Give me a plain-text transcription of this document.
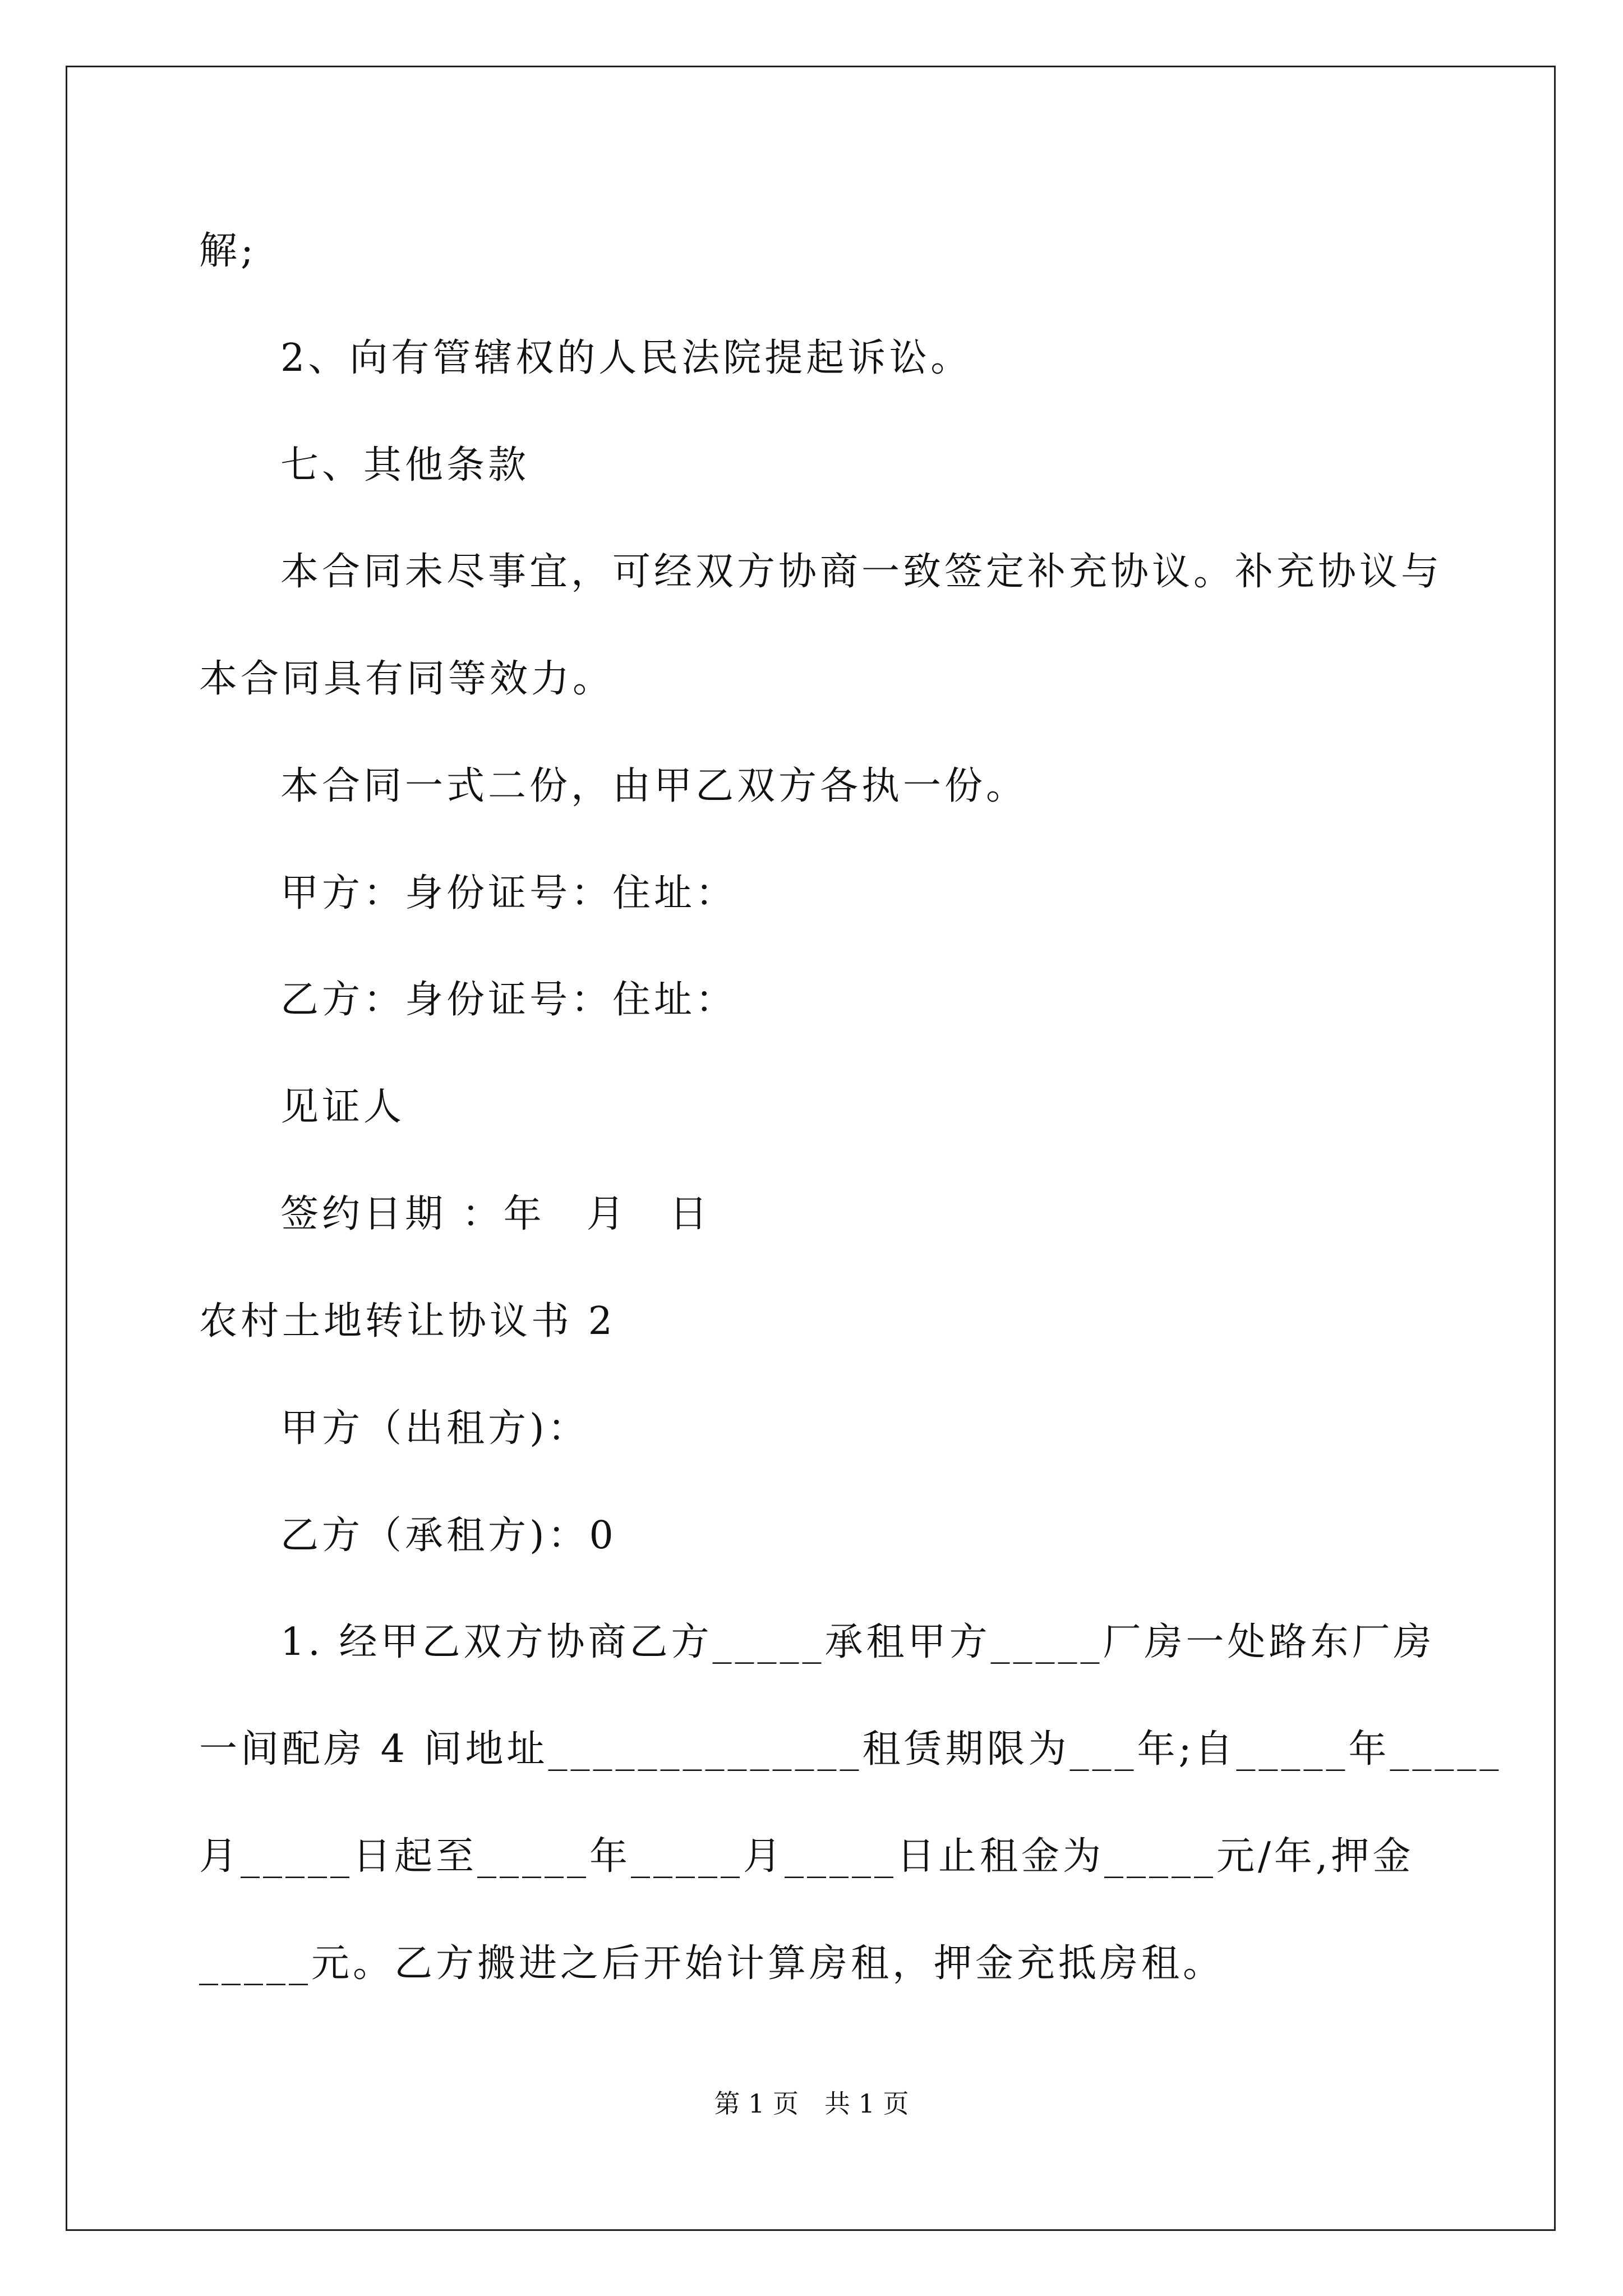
解;
2、向有管辖权的人民法院提起诉讼。
七、其他条款
本合同未尽事宜，可经双方协商一致签定补充协议。补充协议与
本合同具有同等效力。
本合同一式二份，由甲乙双方各执一份。
甲方：身份证号：住址：
乙方：身份证号：住址：
见证人
签约日期 ：年　月　日
农村土地转让协议书 2
甲方（出租方)：
乙方（承租方)：0
1. 经甲乙双方协商乙方_____承租甲方_____厂房一处路东厂房
一间配房 4 间地址______________租赁期限为___年;自_____年_____
月_____日起至_____年_____月_____日止租金为_____元/年,押金
_____元。乙方搬进之后开始计算房租，押金充抵房租。
第 1 页　共 1 页
